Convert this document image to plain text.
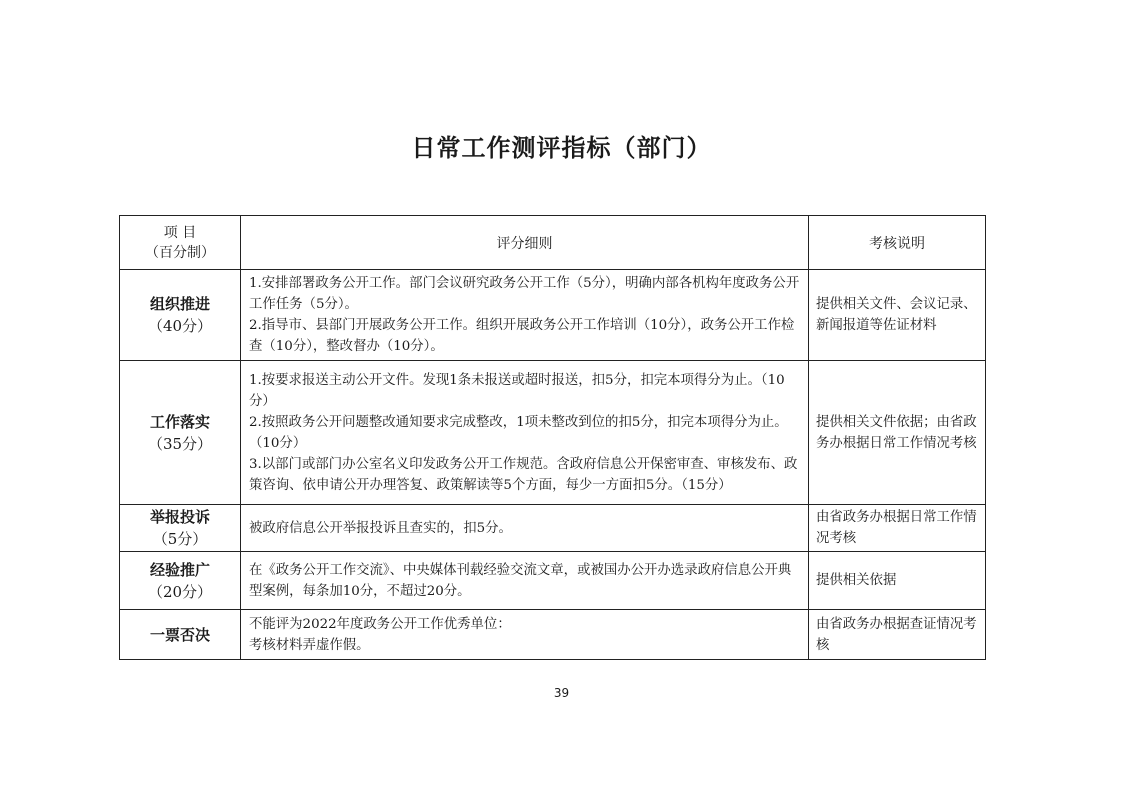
日常工作测评指标（部门）
项 目
（百分制）	评分细则	考核说明

组织推进
（40分）	1.安排部署政务公开工作。部门会议研究政务公开工作（5分），明确内部各机构年度政务公开工作任务（5分）。
2.指导市、县部门开展政务公开工作。组织开展政务公开工作培训（10分），政务公开工作检查（10分），整改督办（10分）。	提供相关文件、会议记录、新闻报道等佐证材料

工作落实
（35分）	1.按要求报送主动公开文件。发现1条未报送或超时报送，扣5分，扣完本项得分为止。（10分）
2.按照政务公开问题整改通知要求完成整改，1项未整改到位的扣5分，扣完本项得分为止。（10分）
3.以部门或部门办公室名义印发政务公开工作规范。含政府信息公开保密审查、审核发布、政策咨询、依申请公开办理答复、政策解读等5个方面，每少一方面扣5分。（15分）	提供相关文件依据；由省政务办根据日常工作情况考核

举报投诉
（5分）	被政府信息公开举报投诉且查实的，扣5分。	由省政务办根据日常工作情况考核

经验推广
（20分）	在《政务公开工作交流》、中央媒体刊载经验交流文章，或被国办公开办选录政府信息公开典型案例，每条加10分，不超过20分。	提供相关依据

一票否决	不能评为2022年度政务公开工作优秀单位：
考核材料弄虚作假。	由省政务办根据查证情况考核
39
